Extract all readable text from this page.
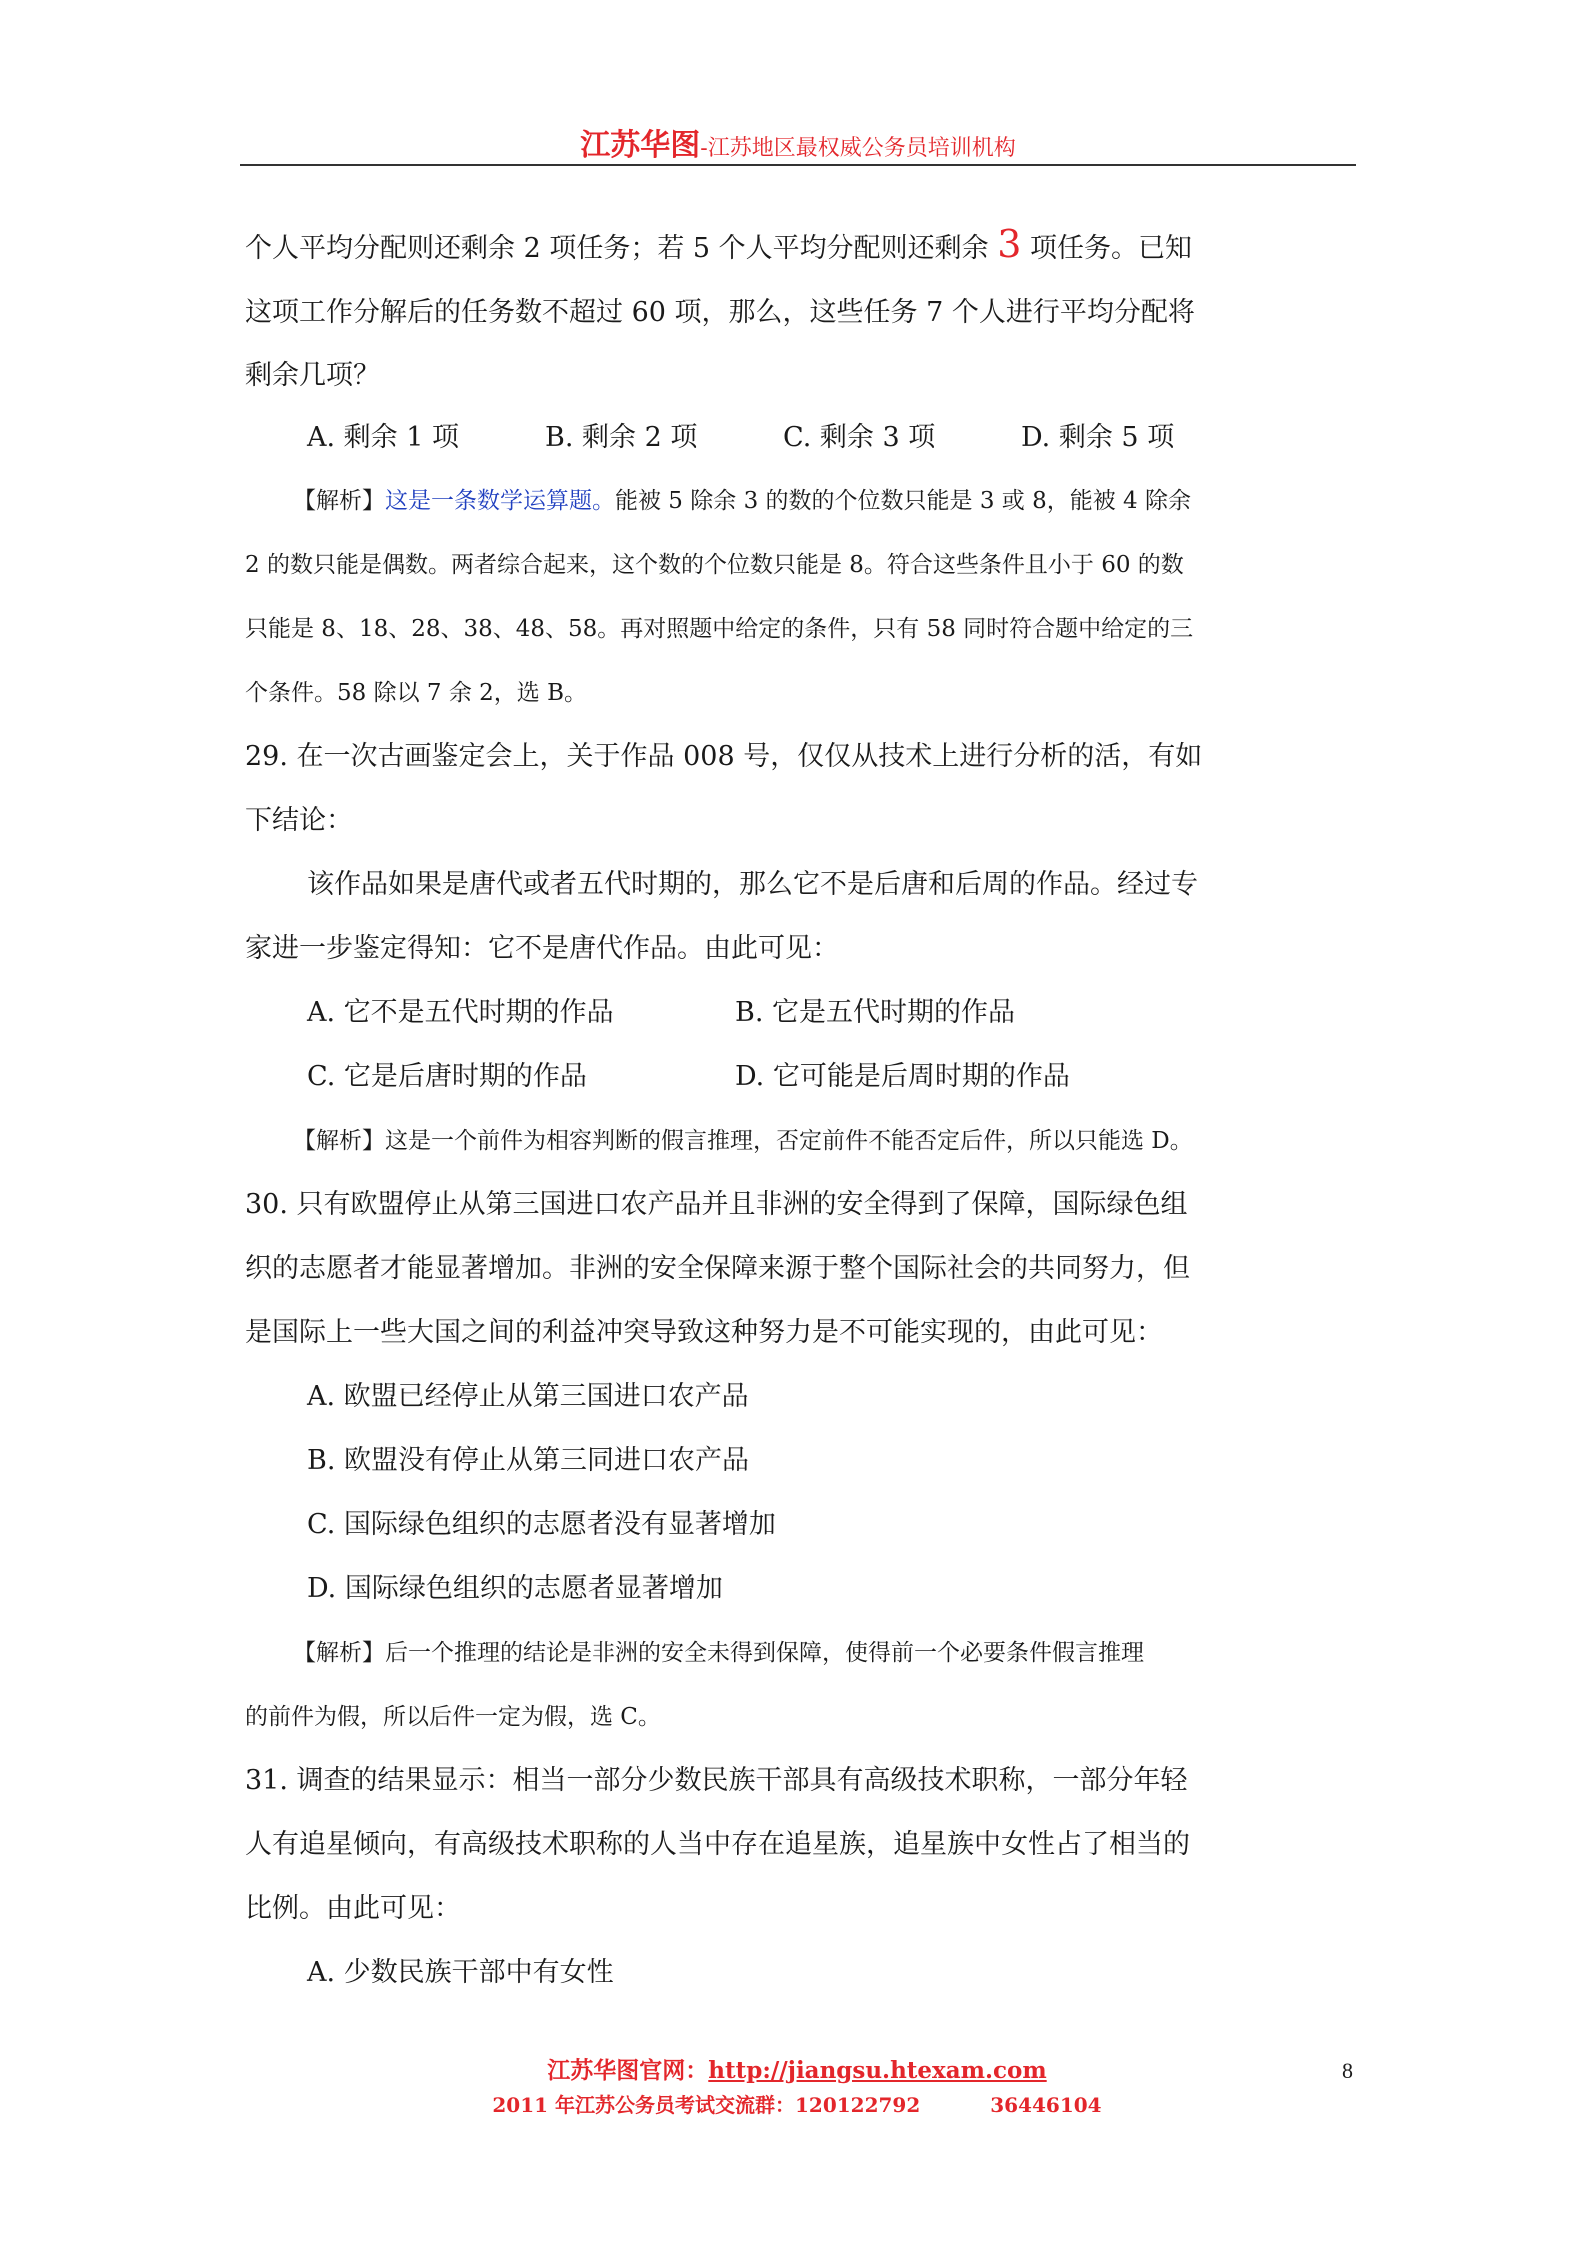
江苏华图-江苏地区最权威公务员培训机构

个人平均分配则还剩余 2 项任务；若 5 个人平均分配则还剩余 3 项任务。已知

这项工作分解后的任务数不超过 60 项，那么，这些任务 7 个人进行平均分配将

剩余几项？

A. 剩余 1 项	B. 剩余 2 项	C. 剩余 3 项	D. 剩余 5 项

【解析】这是一条数学运算题。能被 5 除余 3 的数的个位数只能是 3 或 8，能被 4 除余

2 的数只能是偶数。两者综合起来，这个数的个位数只能是 8。符合这些条件且小于 60 的数

只能是 8、18、28、38、48、58。再对照题中给定的条件，只有 58 同时符合题中给定的三

个条件。58 除以 7 余 2，选 B。

29. 在一次古画鉴定会上，关于作品 008 号，仅仅从技术上进行分析的活，有如

下结论：

该作品如果是唐代或者五代时期的，那么它不是后唐和后周的作品。经过专

家进一步鉴定得知：它不是唐代作品。由此可见：

A. 它不是五代时期的作品	B. 它是五代时期的作品
C. 它是后唐时期的作品	D. 它可能是后周时期的作品

【解析】这是一个前件为相容判断的假言推理，否定前件不能否定后件，所以只能选 D。

30. 只有欧盟停止从第三国进口农产品并且非洲的安全得到了保障，国际绿色组

织的志愿者才能显著增加。非洲的安全保障来源于整个国际社会的共同努力，但

是国际上一些大国之间的利益冲突导致这种努力是不可能实现的，由此可见：

A. 欧盟已经停止从第三国进口农产品

B. 欧盟没有停止从第三同进口农产品

C. 国际绿色组织的志愿者没有显著增加

D. 国际绿色组织的志愿者显著增加

【解析】后一个推理的结论是非洲的安全未得到保障，使得前一个必要条件假言推理

的前件为假，所以后件一定为假，选 C。

31. 调查的结果显示：相当一部分少数民族干部具有高级技术职称，一部分年轻

人有追星倾向，有高级技术职称的人当中存在追星族，追星族中女性占了相当的

比例。由此可见：

A. 少数民族干部中有女性

江苏华图官网：http://jiangsu.htexam.com
2011 年江苏公务员考试交流群：120122792	36446104
8
